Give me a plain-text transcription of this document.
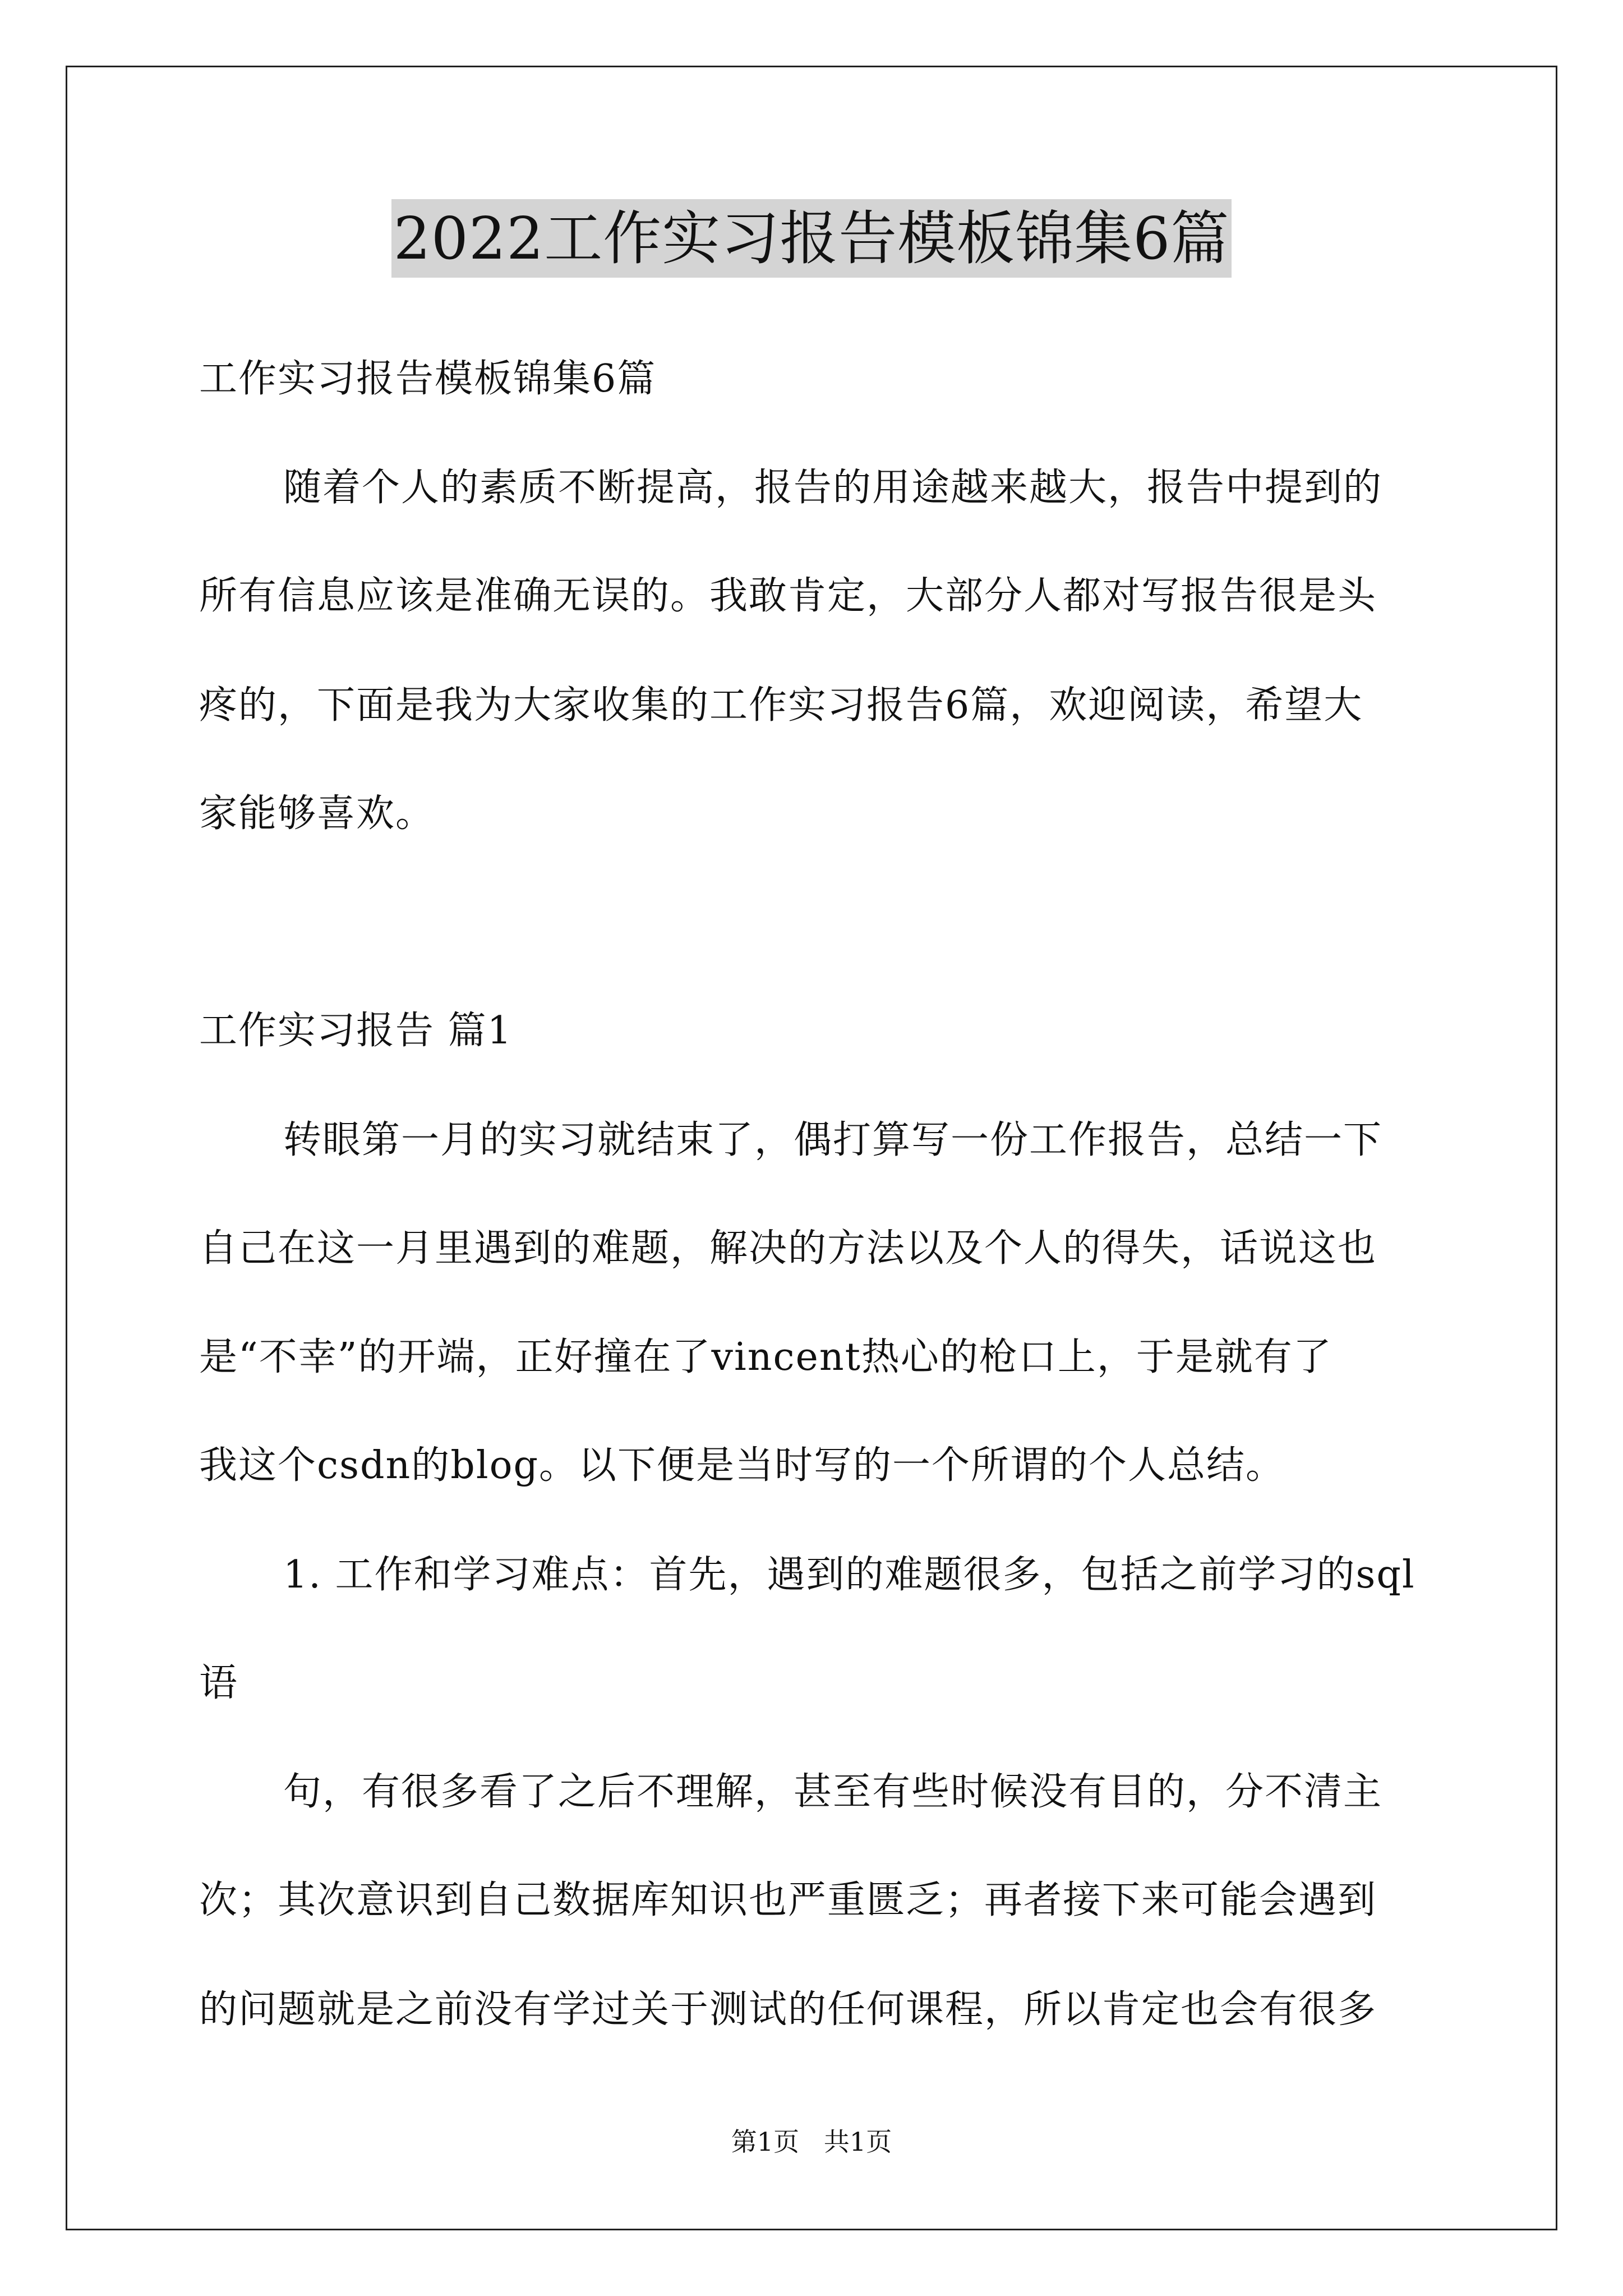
2022工作实习报告模板锦集6篇
工作实习报告模板锦集6篇
随着个人的素质不断提高，报告的用途越来越大，报告中提到的
所有信息应该是准确无误的。我敢肯定，大部分人都对写报告很是头
疼的，下面是我为大家收集的工作实习报告6篇，欢迎阅读，希望大
家能够喜欢。
工作实习报告 篇1
转眼第一月的实习就结束了，偶打算写一份工作报告，总结一下
自己在这一月里遇到的难题，解决的方法以及个人的得失，话说这也
是“不幸”的开端，正好撞在了vincent热心的枪口上，于是就有了
我这个csdn的blog。以下便是当时写的一个所谓的个人总结。
1. 工作和学习难点：首先，遇到的难题很多，包括之前学习的sql
语
句，有很多看了之后不理解，甚至有些时候没有目的，分不清主
次；其次意识到自己数据库知识也严重匮乏；再者接下来可能会遇到
的问题就是之前没有学过关于测试的任何课程，所以肯定也会有很多
第1页   共1页
